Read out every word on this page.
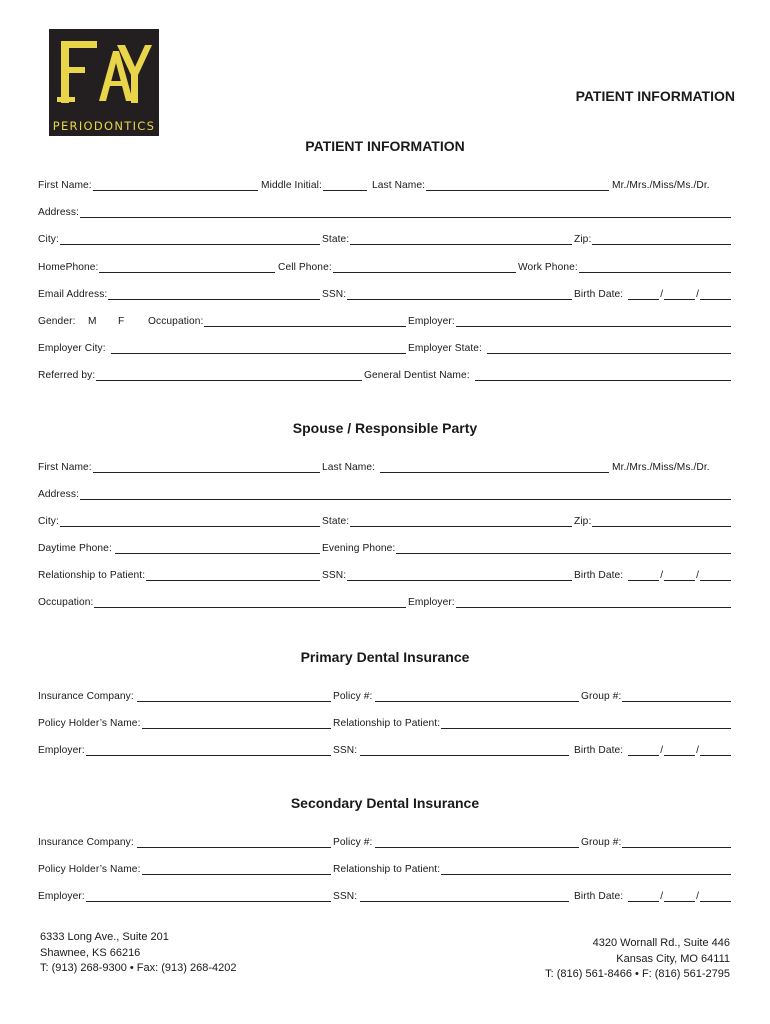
PERIODONTICS
PATIENT INFORMATION
PATIENT INFORMATION
First Name:	Middle Initial:	Last Name:	Mr./Mrs./Miss/Ms./Dr.
Address:
City:	State:	Zip:
HomePhone:	Cell Phone:	Work Phone:
Email Address:	SSN:	Birth Date:	/	/
Gender: M F Occupation:	Employer:
Employer City:	Employer State:
Referred by:	General Dentist Name:
Spouse / Responsible Party
First Name:	Last Name:	Mr./Mrs./Miss/Ms./Dr.
Address:
City:	State:	Zip:
Daytime Phone:	Evening Phone:
Relationship to Patient:	SSN:	Birth Date:	/	/
Occupation:	Employer:
Primary Dental Insurance
Insurance Company:	Policy #:	Group #:
Policy Holder’s Name:	Relationship to Patient:
Employer:	SSN:	Birth Date:	/	/
Secondary Dental Insurance
Insurance Company:	Policy #:	Group #:
Policy Holder’s Name:	Relationship to Patient:
Employer:	SSN:	Birth Date:	/	/
6333 Long Ave., Suite 201
Shawnee, KS 66216
T: (913) 268-9300 • Fax: (913) 268-4202
4320 Wornall Rd., Suite 446
Kansas City, MO 64111
T: (816) 561-8466 • F: (816) 561-2795
